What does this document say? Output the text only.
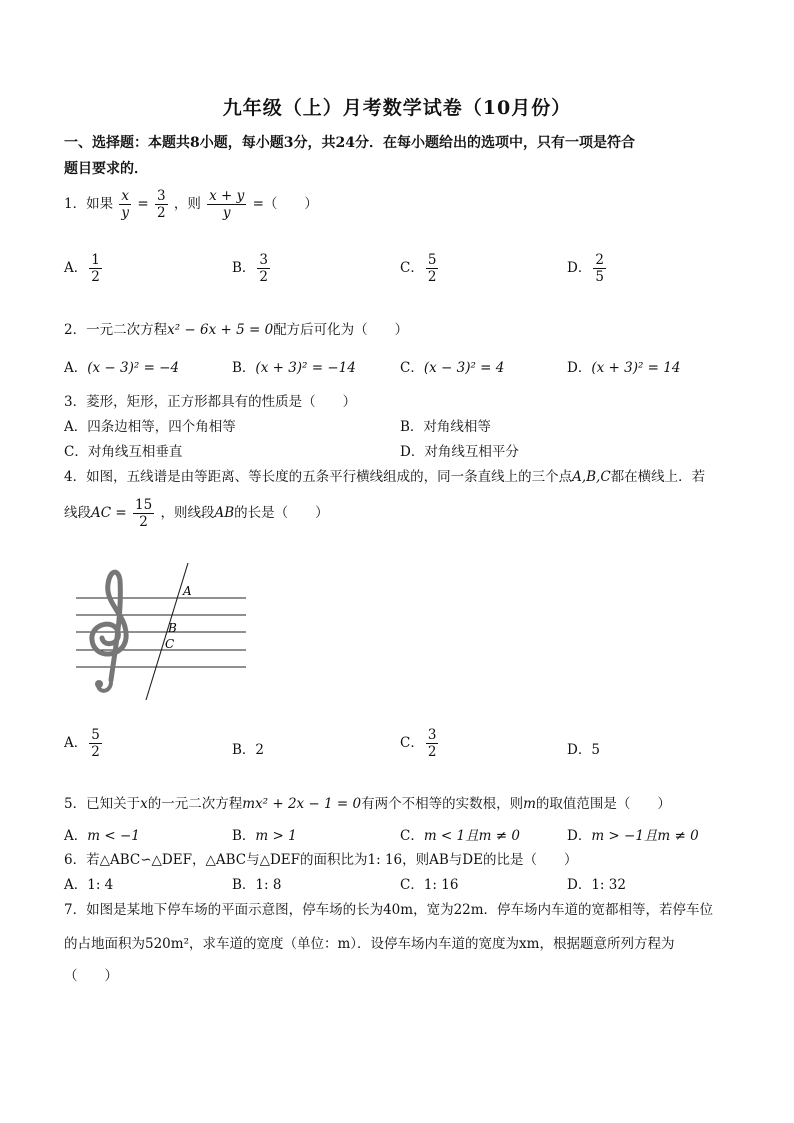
九年级（上）月考数学试卷（10月份）
一、选择题：本题共8小题，每小题3分，共24分．在每小题给出的选项中，只有一项是符合
题目要求的．
1．如果 $\frac{x}{y} = \frac{3}{2}$ ，则 $\frac{x + y}{y}$ =（　　）
A． $\frac{1}{2}$	B． $\frac{3}{2}$	C． $\frac{5}{2}$	D． $\frac{2}{5}$
2．一元二次方程x² − 6x + 5 = 0配方后可化为（　　）
A．(x − 3)² = −4	B．(x + 3)² = −14	C．(x − 3)² = 4	D．(x + 3)² = 14
3．菱形，矩形，正方形都具有的性质是（　　）
A．四条边相等，四个角相等	B．对角线相等
C．对角线互相垂直	D．对角线互相平分
4．如图，五线谱是由等距离、等长度的五条平行横线组成的，同一条直线上的三个点A,B,C都在横线上．若
线段AC = $\frac{15}{2}$ ，则线段AB的长是（　　）
A
B
C
A． $\frac{5}{2}$	B．2	C． $\frac{3}{2}$	D．5
5．已知关于x的一元二次方程mx² + 2x − 1 = 0有两个不相等的实数根，则m的取值范围是（　　）
A．m < −1	B．m > 1	C．m < 1且m ≠ 0	D．m > −1且m ≠ 0
6．若△ABC∽△DEF，△ABC与△DEF的面积比为1: 16，则AB与DE的比是（　　）
A．1: 4	B．1: 8	C．1: 16	D．1: 32
7．如图是某地下停车场的平面示意图，停车场的长为40m，宽为22m．停车场内车道的宽都相等，若停车位
的占地面积为520m²，求车道的宽度（单位：m）．设停车场内车道的宽度为xm，根据题意所列方程为
（　　）
